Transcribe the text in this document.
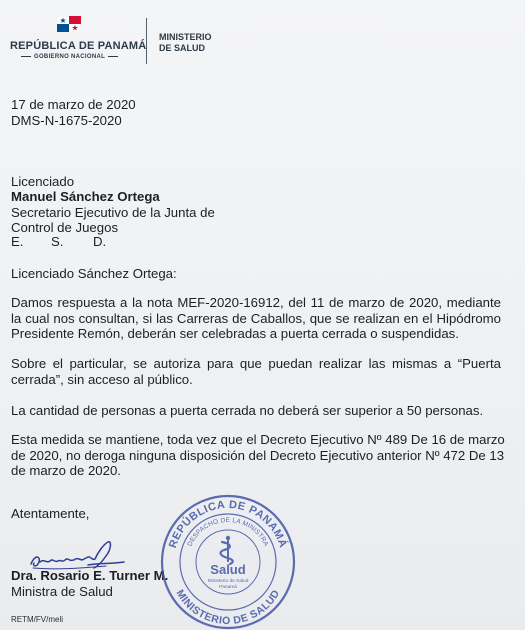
REPÚBLICA DE PANAMÁ
GOBIERNO NACIONAL
MINISTERIO
DE SALUD
17 de marzo de 2020
DMS-N-1675-2020
Licenciado
Manuel Sánchez Ortega
Secretario Ejecutivo de la Junta de
Control de Juegos
E. S. D.
Licenciado Sánchez Ortega:
Damos respuesta a la nota MEF-2020-16912, del 11 de marzo de 2020, mediante
la cual nos consultan, si las Carreras de Caballos, que se realizan en el Hipódromo
Presidente Remón, deberán ser celebradas a puerta cerrada o suspendidas.
Sobre el particular, se autoriza para que puedan realizar las mismas a “Puerta
cerrada”, sin acceso al público.
La cantidad de personas a puerta cerrada no deberá ser superior a 50 personas.
Esta medida se mantiene, toda vez que el Decreto Ejecutivo Nº 489 De 16 de marzo
de 2020, no deroga ninguna disposición del Decreto Ejecutivo anterior Nº 472 De 13
de marzo de 2020.
Atentamente,
Dra. Rosario E. Turner M.
Ministra de Salud
REPÚBLICA DE PANAMÁ
DESPACHO DE LA MINISTRA
MINISTERIO DE SALUD
Salud
Ministerio de Salud
Panamá
RETM/FV/meli
